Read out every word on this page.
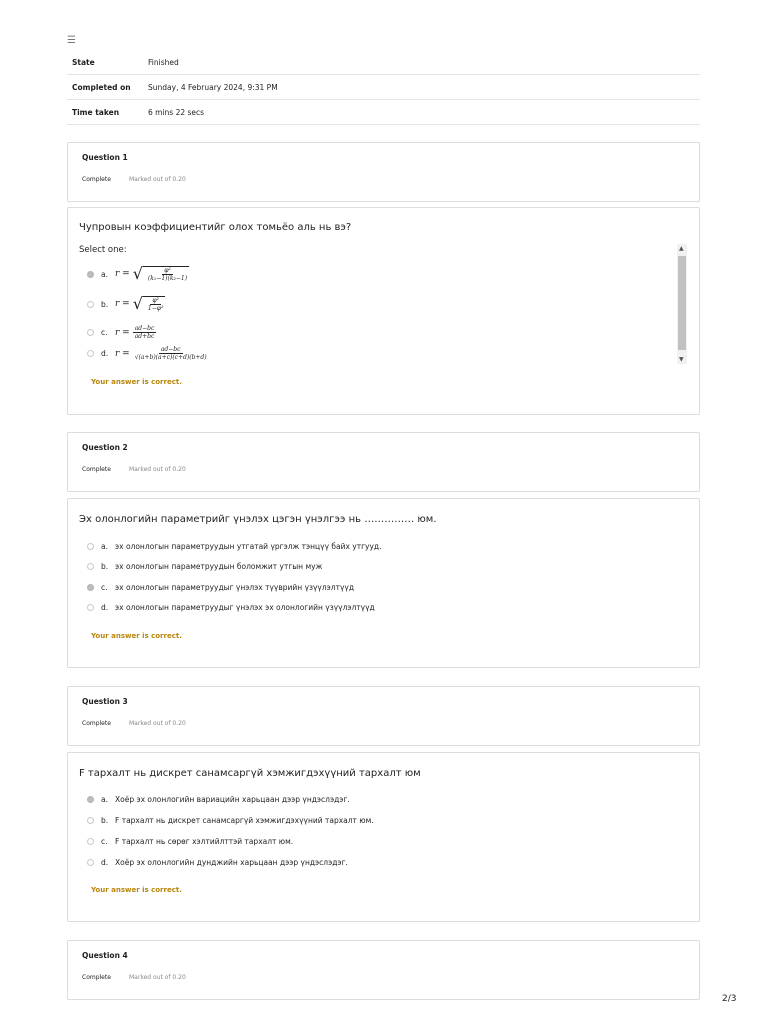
☰
State	Finished
Completed on	Sunday, 4 February 2024, 9:31 PM
Time taken	6 mins 22 secs
Question 1
Complete	Marked out of 0.20
Чупровын коэффициентийг олох томьёо аль нь вэ?
Select one:
a. r = √ $\frac{\text{φ²}}{\text{(k₁−1)(k₂−1)}}$
b. r = √ $\frac{\text{φ²}}{\text{1−φ²}}$
c. $r = \frac{ad-bc}{ad+bc}$
d. $r = \frac{ad-bc}{√(a+b)(a+c)(c+d)(b+d)}$
▲
▼
Your answer is correct.
Question 2
Complete	Marked out of 0.20
Эх олонлогийн параметрийг үнэлэх цэгэн үнэлгээ нь …………… юм.
a. эх олонлогын параметруудын утгатай үргэлж тэнцүү байх утгууд.
b. эх олонлогын параметруудын боломжит утгын муж
c. эх олонлогын параметруудыг үнэлэх түүврийн үзүүлэлтүүд
d. эх олонлогын параметруудыг үнэлэх эх олонлогийн үзүүлэлтүүд
Your answer is correct.
Question 3
Complete	Marked out of 0.20
F тархалт нь дискрет санамсаргүй хэмжигдэхүүний тархалт юм
a. Хоёр эх олонлогийн вариацийн харьцаан дээр үндэслэдэг.
b. F тархалт нь дискрет санамсаргүй хэмжигдэхүүний тархалт юм.
c. F тархалт нь сөрөг хэлтийлттэй тархалт юм.
d. Хоёр эх олонлогийн дунджийн харьцаан дээр үндэслэдэг.
Your answer is correct.
Question 4
Complete	Marked out of 0.20
2/3
